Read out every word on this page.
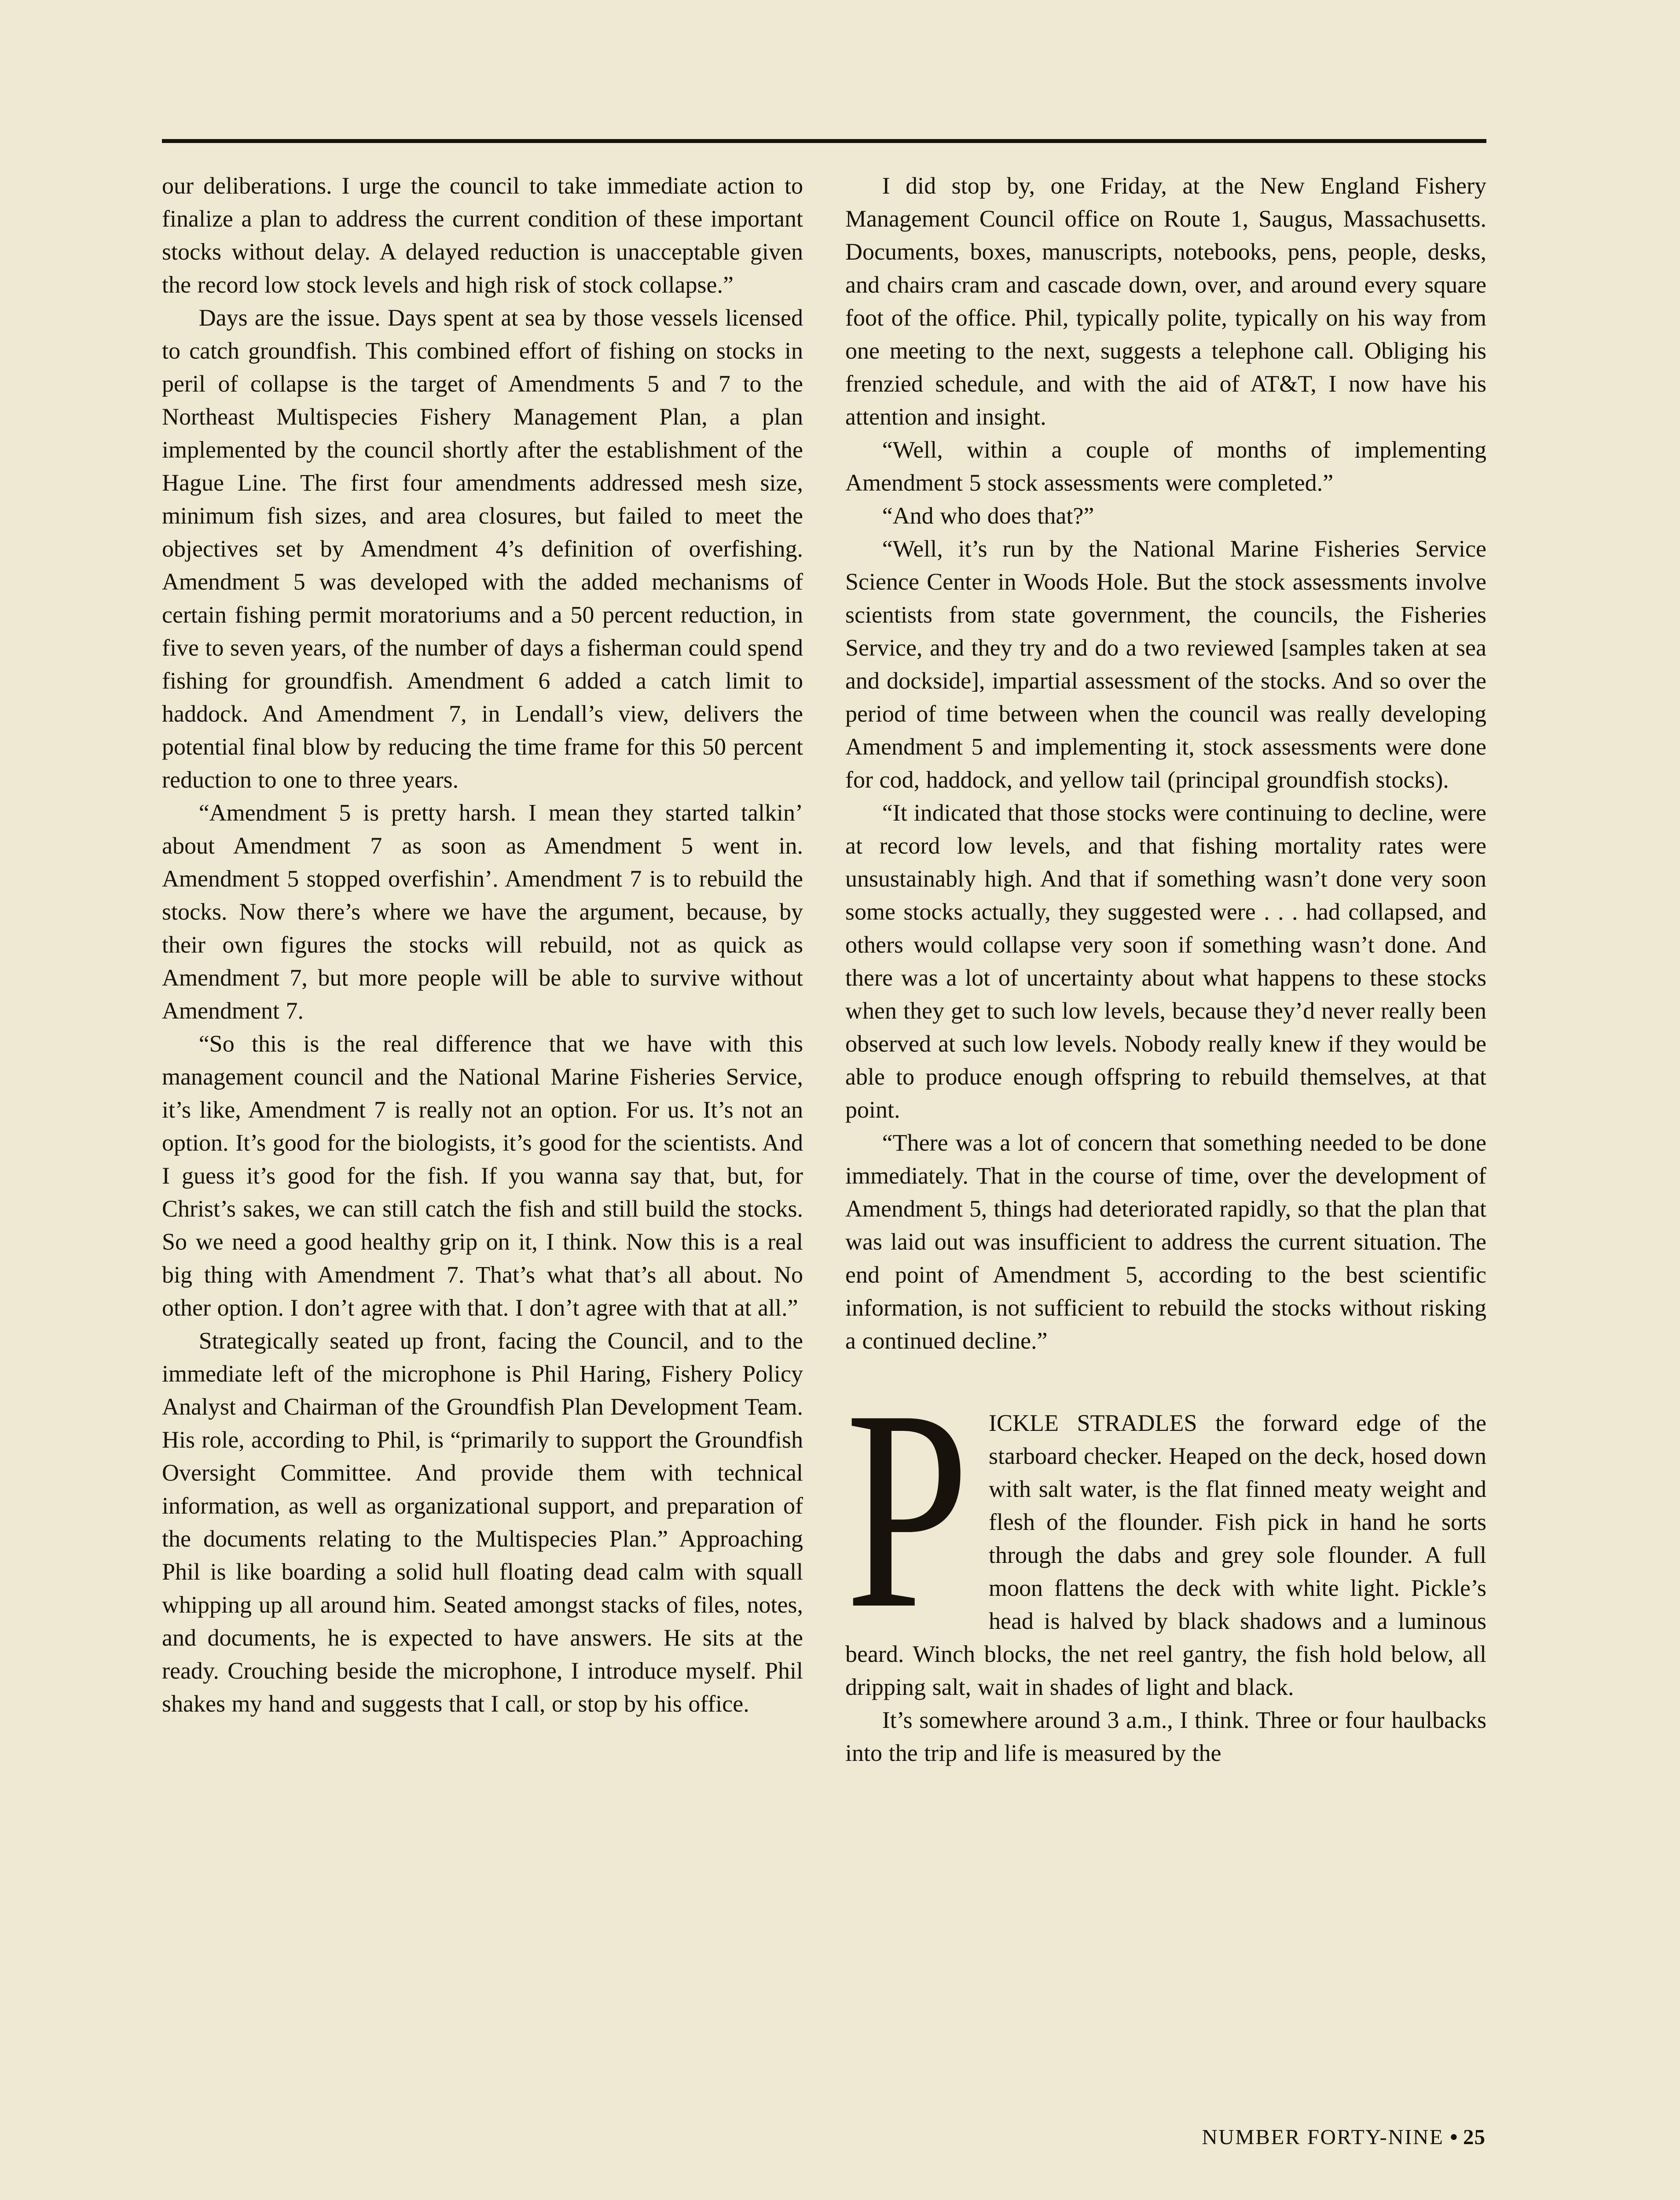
our deliberations. I urge the council to take immediate action to finalize a plan to address the current condition of these important stocks without delay. A delayed reduction is unacceptable given the record low stock levels and high risk of stock collapse.”

Days are the issue. Days spent at sea by those vessels licensed to catch groundfish. This combined effort of fishing on stocks in peril of collapse is the target of Amendments 5 and 7 to the Northeast Multispecies Fishery Management Plan, a plan implemented by the council shortly after the establishment of the Hague Line. The first four amendments addressed mesh size, minimum fish sizes, and area closures, but failed to meet the objectives set by Amendment 4’s definition of overfishing. Amendment 5 was developed with the added mechanisms of certain fishing permit moratoriums and a 50 percent reduction, in five to seven years, of the number of days a fisherman could spend fishing for groundfish. Amendment 6 added a catch limit to haddock. And Amendment 7, in Lendall’s view, delivers the potential final blow by reducing the time frame for this 50 percent reduction to one to three years.

“Amendment 5 is pretty harsh. I mean they started talkin’ about Amendment 7 as soon as Amendment 5 went in. Amendment 5 stopped overfishin’. Amendment 7 is to rebuild the stocks. Now there’s where we have the argument, because, by their own figures the stocks will rebuild, not as quick as Amendment 7, but more people will be able to survive without Amendment 7.

“So this is the real difference that we have with this management council and the National Marine Fisheries Service, it’s like, Amendment 7 is really not an option. For us. It’s not an option. It’s good for the biologists, it’s good for the scientists. And I guess it’s good for the fish. If you wanna say that, but, for Christ’s sakes, we can still catch the fish and still build the stocks. So we need a good healthy grip on it, I think. Now this is a real big thing with Amendment 7. That’s what that’s all about. No other option. I don’t agree with that. I don’t agree with that at all.”

Strategically seated up front, facing the Council, and to the immediate left of the microphone is Phil Haring, Fishery Policy Analyst and Chairman of the Groundfish Plan Development Team. His role, according to Phil, is “primarily to support the Groundfish Oversight Committee. And provide them with technical information, as well as organizational support, and preparation of the documents relating to the Multispecies Plan.” Approaching Phil is like boarding a solid hull floating dead calm with squall whipping up all around him. Seated amongst stacks of files, notes, and documents, he is expected to have answers. He sits at the ready. Crouching beside the microphone, I introduce myself. Phil shakes my hand and suggests that I call, or stop by his office.

I did stop by, one Friday, at the New England Fishery Management Council office on Route 1, Saugus, Massachusetts. Documents, boxes, manuscripts, notebooks, pens, people, desks, and chairs cram and cascade down, over, and around every square foot of the office. Phil, typically polite, typically on his way from one meeting to the next, suggests a telephone call. Obliging his frenzied schedule, and with the aid of AT&T, I now have his attention and insight.

“Well, within a couple of months of implementing Amendment 5 stock assessments were completed.”

“And who does that?”

“Well, it’s run by the National Marine Fisheries Service Science Center in Woods Hole. But the stock assessments involve scientists from state government, the councils, the Fisheries Service, and they try and do a two reviewed [samples taken at sea and dockside], impartial assessment of the stocks. And so over the period of time between when the council was really developing Amendment 5 and implementing it, stock assessments were done for cod, haddock, and yellow tail (principal groundfish stocks).

“It indicated that those stocks were continuing to decline, were at record low levels, and that fishing mortality rates were unsustainably high. And that if something wasn’t done very soon some stocks actually, they suggested were . . . had collapsed, and others would collapse very soon if something wasn’t done. And there was a lot of uncertainty about what happens to these stocks when they get to such low levels, because they’d never really been observed at such low levels. Nobody really knew if they would be able to produce enough offspring to rebuild themselves, at that point.

“There was a lot of concern that something needed to be done immediately. That in the course of time, over the development of Amendment 5, things had deteriorated rapidly, so that the plan that was laid out was insufficient to address the current situation. The end point of Amendment 5, according to the best scientific information, is not sufficient to rebuild the stocks without risking a continued decline.”

PICKLE STRADLES the forward edge of the starboard checker. Heaped on the deck, hosed down with salt water, is the flat finned meaty weight and flesh of the flounder. Fish pick in hand he sorts through the dabs and grey sole flounder. A full moon flattens the deck with white light. Pickle’s head is halved by black shadows and a luminous beard. Winch blocks, the net reel gantry, the fish hold below, all dripping salt, wait in shades of light and black.

It’s somewhere around 3 a.m., I think. Three or four haulbacks into the trip and life is measured by the

NUMBER FORTY-NINE • 25
